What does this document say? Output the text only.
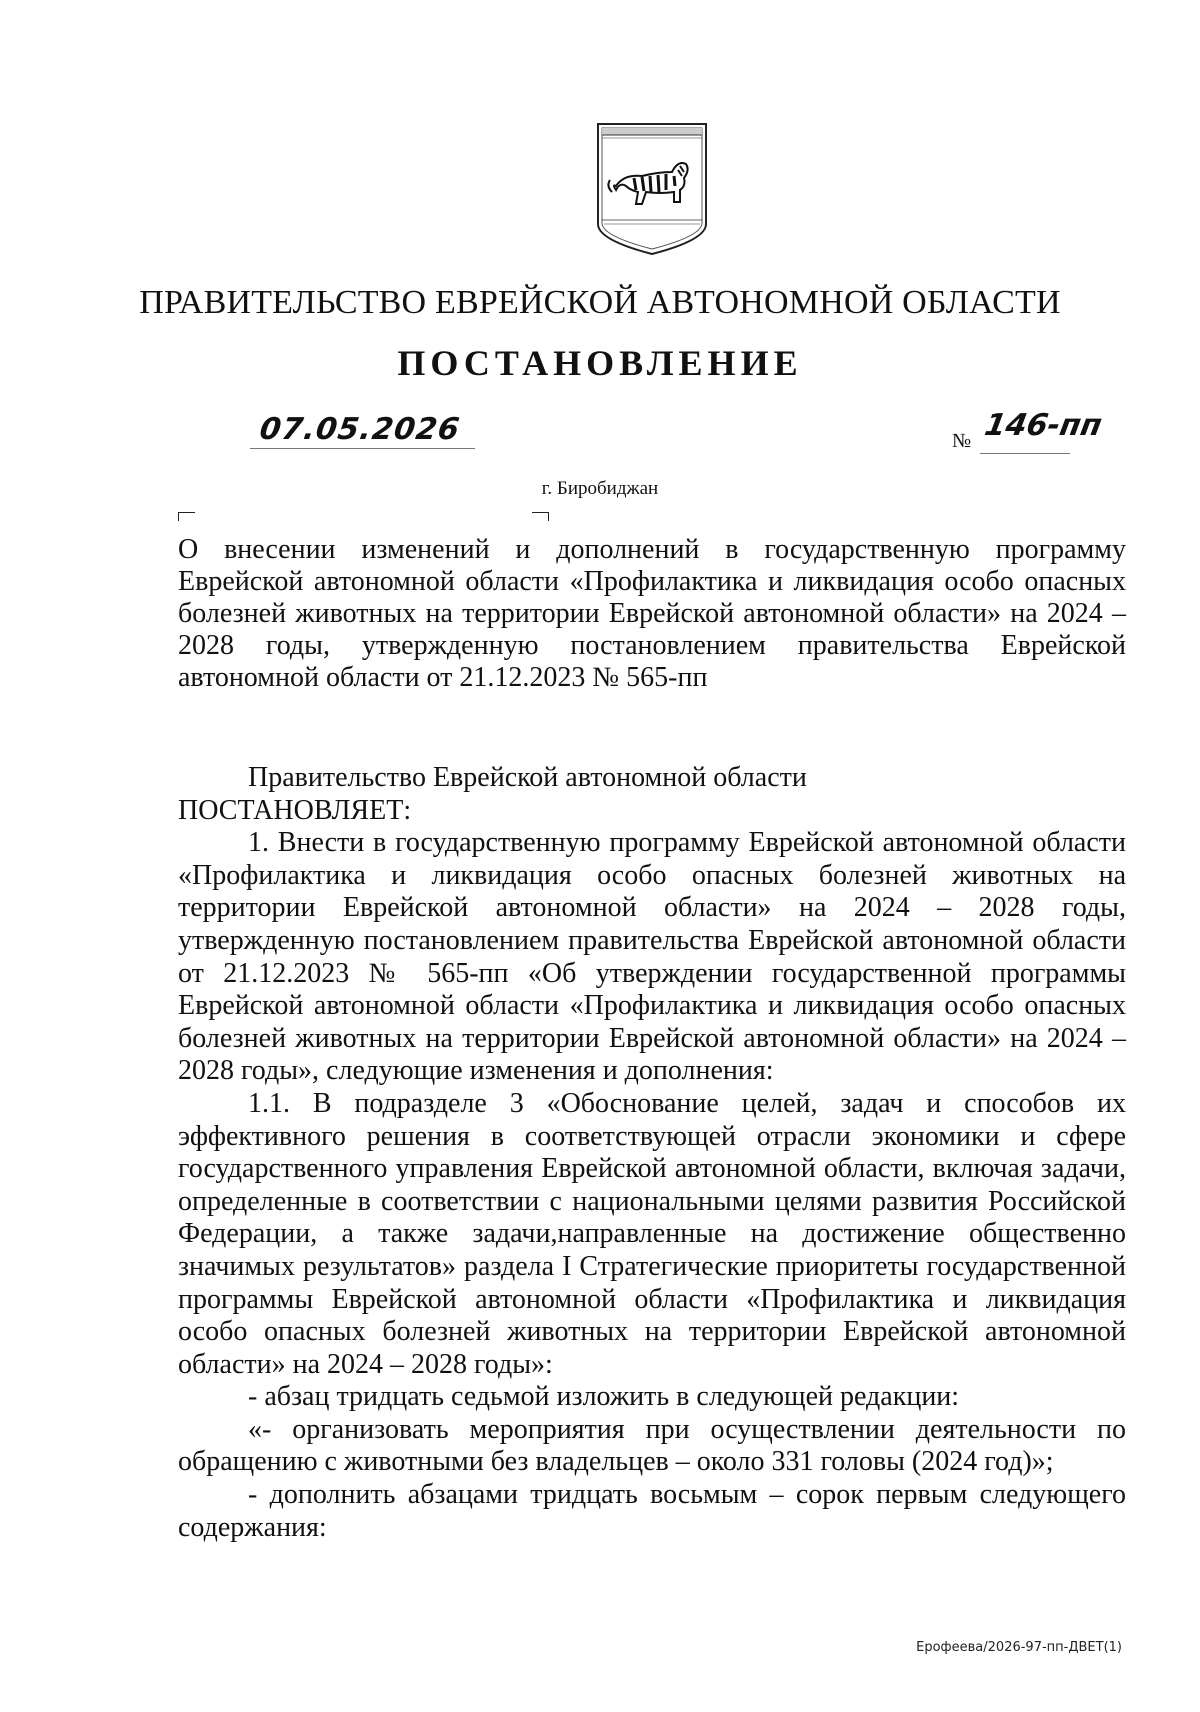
ПРАВИТЕЛЬСТВО ЕВРЕЙСКОЙ АВТОНОМНОЙ ОБЛАСТИ
ПОСТАНОВЛЕНИЕ
07.05.2026	№ 146-пп
г. Биробиджан
О внесении изменений и дополнений в государственную программу Еврейской автономной области «Профилактика и ликвидация особо опасных болезней животных на территории Еврейской автономной области» на 2024 – 2028 годы, утвержденную постановлением правительства Еврейской автономной области от 21.12.2023 № 565-пп

Правительство Еврейской автономной области

ПОСТАНОВЛЯЕТ:

1. Внести в государственную программу Еврейской автономной области «Профилактика и ликвидация особо опасных болезней животных на территории Еврейской автономной области» на 2024 – 2028 годы, утвержденную постановлением правительства Еврейской автономной области от 21.12.2023 № 565-пп «Об утверждении государственной программы Еврейской автономной области «Профилактика и ликвидация особо опасных болезней животных на территории Еврейской автономной области» на 2024 – 2028 годы», следующие изменения и дополнения:

1.1. В подразделе 3 «Обоснование целей, задач и способов их эффективного решения в соответствующей отрасли экономики и сфере государственного управления Еврейской автономной области, включая задачи, определенные в соответствии с национальными целями развития Российской Федерации, а также задачи,направленные на достижение общественно значимых результатов» раздела I Стратегические приоритеты государственной программы Еврейской автономной области «Профилактика и ликвидация особо опасных болезней животных на территории Еврейской автономной области» на 2024 – 2028 годы»:

- абзац тридцать седьмой изложить в следующей редакции:

«- организовать мероприятия при осуществлении деятельности по обращению с животными без владельцев – около 331 головы (2024 год)»;

- дополнить абзацами тридцать восьмым – сорок первым следующего содержания:

Ерофеева/2026-97-пп-ДВЕТ(1)
